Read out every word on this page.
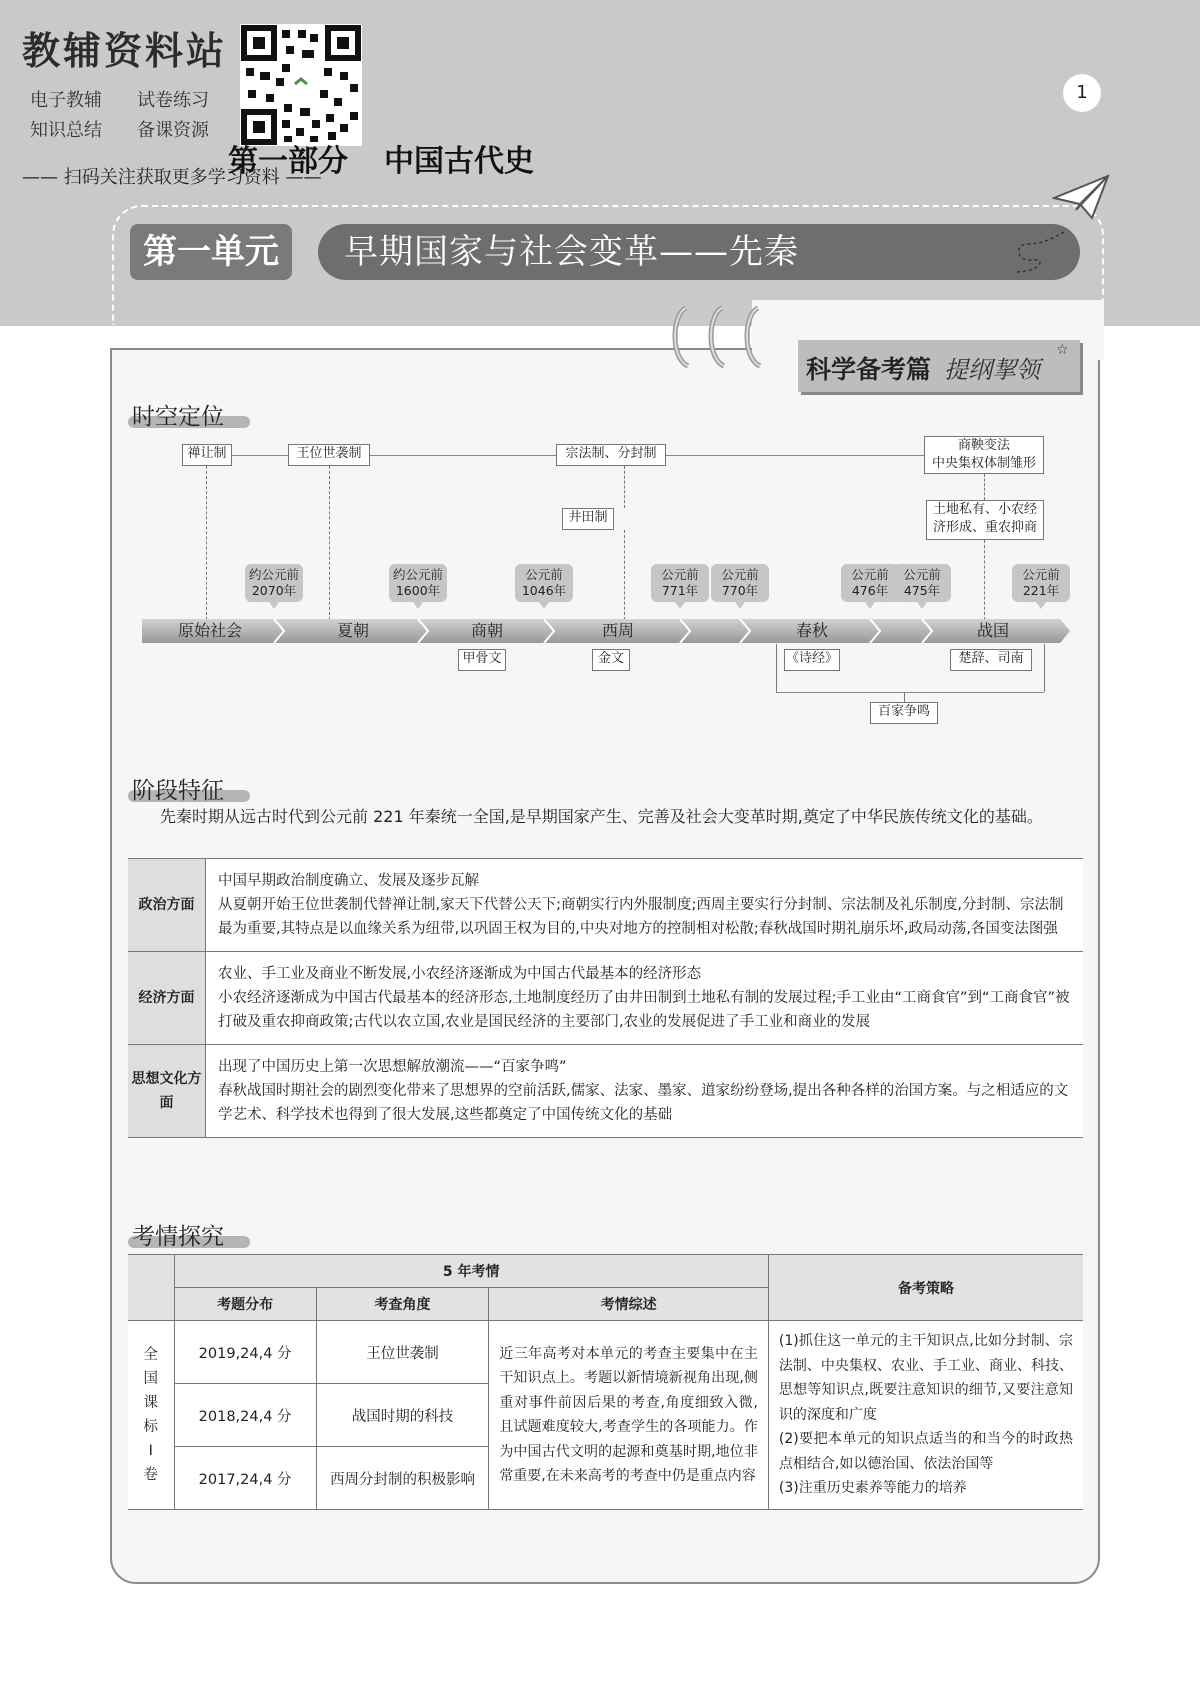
教辅资料站
电子教辅 试卷练习
知识总结 备课资源
—— 扫码关注获取更多学习资料 ——
1
第一部分 中国古代史
第一单元	早期国家与社会变革——先秦
科学备考篇 提纲挈领
☆
时空定位
禅让制	王位世袭制	宗法制、分封制
商鞅变法
中央集权体制雏形
井田制
土地私有、小农经
济形成、重农抑商
约公元前
2070年
约公元前
1600年
公元前
1046年
公元前
771年
公元前
770年
公元前
476年
公元前
475年
公元前
221年
原始社会	夏朝	商朝	西周	春秋	战国
甲骨文	金文	《诗经》	楚辞、司南
百家争鸣
阶段特征
先秦时期从远古时代到公元前 221 年秦统一全国,是早期国家产生、完善及社会大变革时期,奠定了中华民族传统文化的基础。
政治方面	中国早期政治制度确立、发展及逐步瓦解
从夏朝开始王位世袭制代替禅让制,家天下代替公天下;商朝实行内外服制度;西周主要实行分封制、宗法制及礼乐制度,分封制、宗法制最为重要,其特点是以血缘关系为纽带,以巩固王权为目的,中央对地方的控制相对松散;春秋战国时期礼崩乐坏,政局动荡,各国变法图强

经济方面	农业、手工业及商业不断发展,小农经济逐渐成为中国古代最基本的经济形态
小农经济逐渐成为中国古代最基本的经济形态,土地制度经历了由井田制到土地私有制的发展过程;手工业由“工商食官”到“工商食官”被打破及重农抑商政策;古代以农立国,农业是国民经济的主要部门,农业的发展促进了手工业和商业的发展

思想文化方面	出现了中国历史上第一次思想解放潮流——“百家争鸣”
春秋战国时期社会的剧烈变化带来了思想界的空前活跃,儒家、法家、墨家、道家纷纷登场,提出各种各样的治国方案。与之相适应的文学艺术、科学技术也得到了很大发展,这些都奠定了中国传统文化的基础
考情探究
	5 年考情			备考策略
	考题分布	考查角度	考情综述	

全国课标Ⅰ卷	2019,24,4 分	王位世袭制	近三年高考对本单元的考查主要集中在主干知识点上。考题以新情境新视角出现,侧重对事件前因后果的考查,角度细致入微,且试题难度较大,考查学生的各项能力。作为中国古代文明的起源和奠基时期,地位非常重要,在未来高考的考查中仍是重点内容	(1)抓住这一单元的主干知识点,比如分封制、宗法制、中央集权、农业、手工业、商业、科技、思想等知识点,既要注意知识的细节,又要注意知识的深度和广度
(2)要把本单元的知识点适当的和当今的时政热点相结合,如以德治国、依法治国等
(3)注重历史素养等能力的培养

	2018,24,4 分	战国时期的科技		
	2017,24,4 分	西周分封制的积极影响		
